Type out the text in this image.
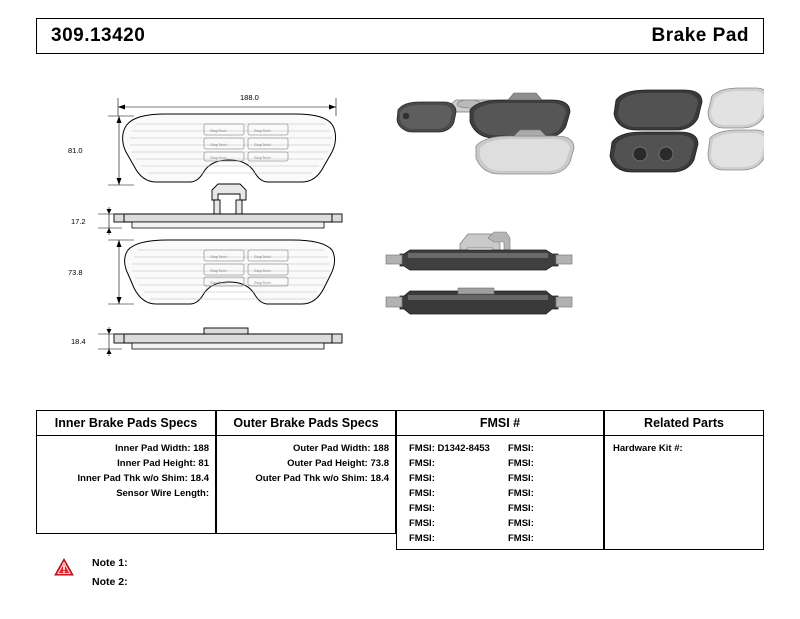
309.13420	Brake Pad
StopTech
StopTech
StopTech
StopTech
StopTech
StopTech
StopTech
StopTech
StopTech
StopTech
StopTech
StopTech
188.0
81.0
17.2
73.8
18.4
Inner Brake Pads Specs
Inner Pad Width: 188
Inner Pad Height: 81
Inner Pad Thk w/o Shim: 18.4
Sensor Wire Length:
Outer Brake Pads Specs
Outer Pad Width: 188
Outer Pad Height: 73.8
Outer Pad Thk w/o Shim: 18.4
FMSI #
FMSI: D1342-8453
FMSI:
FMSI:
FMSI:
FMSI:
FMSI:
FMSI:
FMSI:
FMSI:
FMSI:
FMSI:
FMSI:
FMSI:
FMSI:
Related Parts
Hardware Kit #:
Note 1:
Note 2:
